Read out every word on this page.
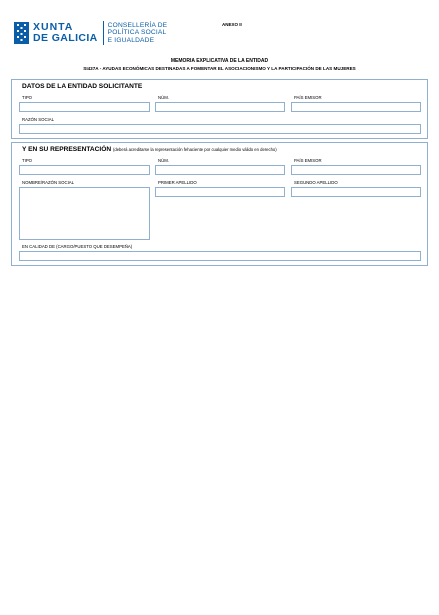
XUNTA
DE GALICIA
CONSELLERÍA DE
POLÍTICA SOCIAL
E IGUALDADE
ANEXO II
MEMORIA EXPLICATIVA DE LA ENTIDAD
SI437A - AYUDAS ECONÓMICAS DESTINADAS A FOMENTAR EL ASOCIACIONISMO Y LA PARTICIPACIÓN DE LAS MUJERES
DATOS DE LA ENTIDAD SOLICITANTE
TIPO	NÚM.	PAÍS EMISOR
RAZÓN SOCIAL
Y EN SU REPRESENTACIÓN (deberá acreditarse la representación fehaciente por cualquier medio válido en derecho)
TIPO	NÚM.	PAÍS EMISOR
NOMBRE/RAZÓN SOCIAL	PRIMER APELLIDO	SEGUNDO APELLIDO
EN CALIDAD DE (CARGO/PUESTO QUE DESEMPEÑA)
